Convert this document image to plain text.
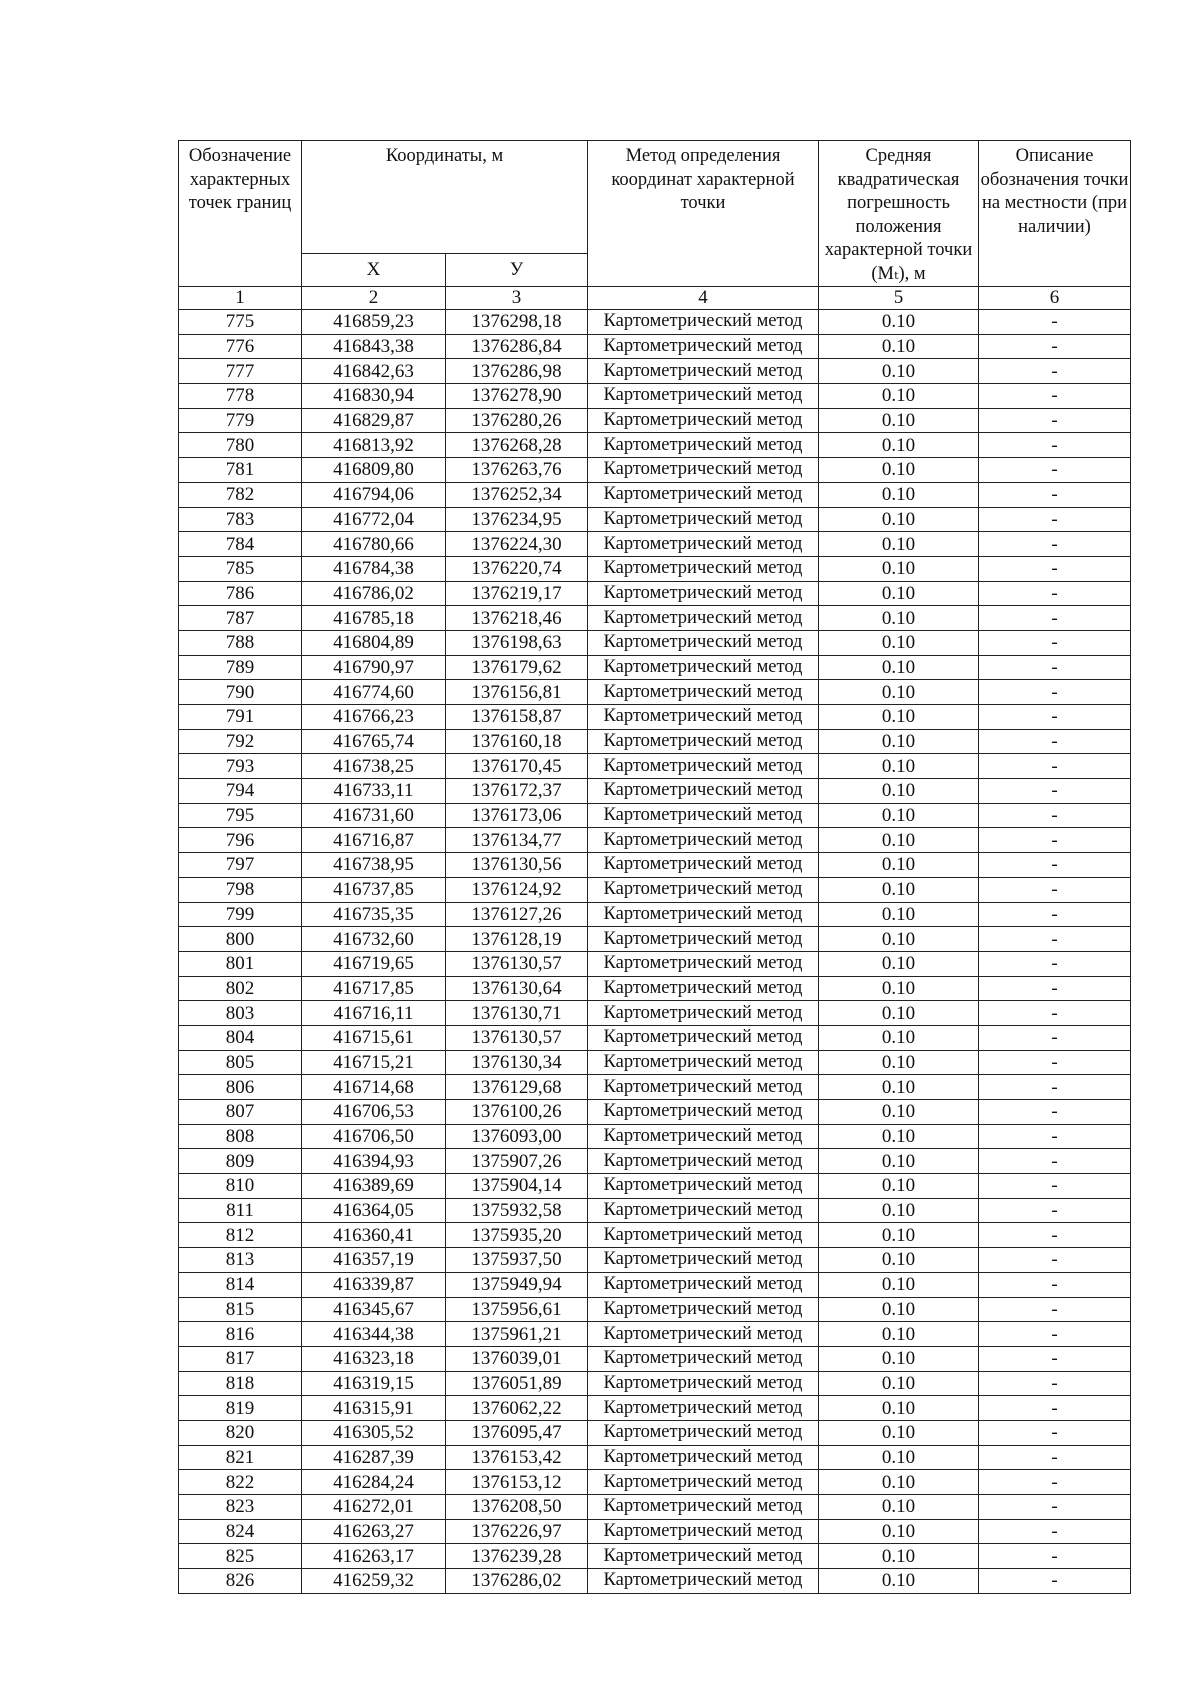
Обозначение характерных точек границ	Координаты, м		Метод определения координат характерной точки	Средняя квадратическая погрешность положения характерной точки (Mₜ), м	Описание обозначения точки на местности (при наличии)
	X	У			
1	2	3	4	5	6
775	416859,23	1376298,18	Картометрический метод	0.10	-
776	416843,38	1376286,84	Картометрический метод	0.10	-
777	416842,63	1376286,98	Картометрический метод	0.10	-
778	416830,94	1376278,90	Картометрический метод	0.10	-
779	416829,87	1376280,26	Картометрический метод	0.10	-
780	416813,92	1376268,28	Картометрический метод	0.10	-
781	416809,80	1376263,76	Картометрический метод	0.10	-
782	416794,06	1376252,34	Картометрический метод	0.10	-
783	416772,04	1376234,95	Картометрический метод	0.10	-
784	416780,66	1376224,30	Картометрический метод	0.10	-
785	416784,38	1376220,74	Картометрический метод	0.10	-
786	416786,02	1376219,17	Картометрический метод	0.10	-
787	416785,18	1376218,46	Картометрический метод	0.10	-
788	416804,89	1376198,63	Картометрический метод	0.10	-
789	416790,97	1376179,62	Картометрический метод	0.10	-
790	416774,60	1376156,81	Картометрический метод	0.10	-
791	416766,23	1376158,87	Картометрический метод	0.10	-
792	416765,74	1376160,18	Картометрический метод	0.10	-
793	416738,25	1376170,45	Картометрический метод	0.10	-
794	416733,11	1376172,37	Картометрический метод	0.10	-
795	416731,60	1376173,06	Картометрический метод	0.10	-
796	416716,87	1376134,77	Картометрический метод	0.10	-
797	416738,95	1376130,56	Картометрический метод	0.10	-
798	416737,85	1376124,92	Картометрический метод	0.10	-
799	416735,35	1376127,26	Картометрический метод	0.10	-
800	416732,60	1376128,19	Картометрический метод	0.10	-
801	416719,65	1376130,57	Картометрический метод	0.10	-
802	416717,85	1376130,64	Картометрический метод	0.10	-
803	416716,11	1376130,71	Картометрический метод	0.10	-
804	416715,61	1376130,57	Картометрический метод	0.10	-
805	416715,21	1376130,34	Картометрический метод	0.10	-
806	416714,68	1376129,68	Картометрический метод	0.10	-
807	416706,53	1376100,26	Картометрический метод	0.10	-
808	416706,50	1376093,00	Картометрический метод	0.10	-
809	416394,93	1375907,26	Картометрический метод	0.10	-
810	416389,69	1375904,14	Картометрический метод	0.10	-
811	416364,05	1375932,58	Картометрический метод	0.10	-
812	416360,41	1375935,20	Картометрический метод	0.10	-
813	416357,19	1375937,50	Картометрический метод	0.10	-
814	416339,87	1375949,94	Картометрический метод	0.10	-
815	416345,67	1375956,61	Картометрический метод	0.10	-
816	416344,38	1375961,21	Картометрический метод	0.10	-
817	416323,18	1376039,01	Картометрический метод	0.10	-
818	416319,15	1376051,89	Картометрический метод	0.10	-
819	416315,91	1376062,22	Картометрический метод	0.10	-
820	416305,52	1376095,47	Картометрический метод	0.10	-
821	416287,39	1376153,42	Картометрический метод	0.10	-
822	416284,24	1376153,12	Картометрический метод	0.10	-
823	416272,01	1376208,50	Картометрический метод	0.10	-
824	416263,27	1376226,97	Картометрический метод	0.10	-
825	416263,17	1376239,28	Картометрический метод	0.10	-
826	416259,32	1376286,02	Картометрический метод	0.10	-
